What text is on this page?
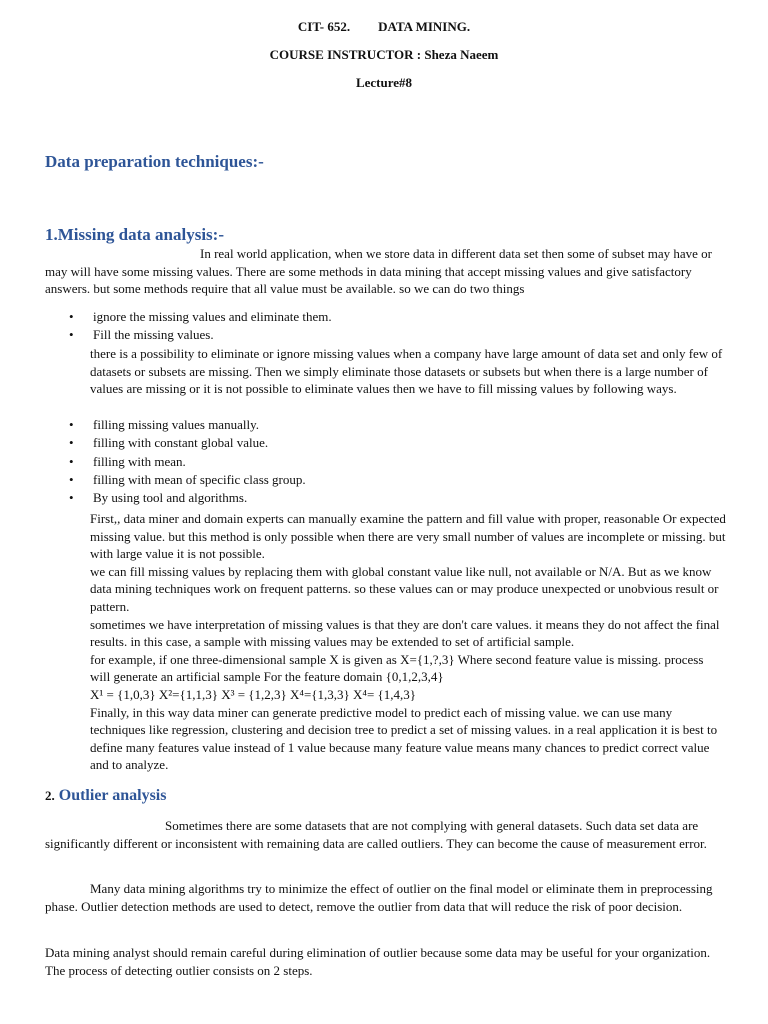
CIT- 652. DATA MINING.
COURSE INSTRUCTOR : Sheza Naeem
Lecture#8
Data preparation techniques:-
1.Missing data analysis:-

In real world application, when we store data in different data set then some of subset may have or may will have some missing values. There are some methods in data mining that accept missing values and give satisfactory answers. but some methods require that all value must be available. so we can do two things

• ignore the missing values and eliminate them.
• Fill the missing values.

there is a possibility to eliminate or ignore missing values when a company have large amount of data set and only few of datasets or subsets are missing. Then we simply eliminate those datasets or subsets but when there is a large number of values are missing or it is not possible to eliminate values then we have to fill missing values by following ways.

• filling missing values manually.
• filling with constant global value.
• filling with mean.
• filling with mean of specific class group.
• By using tool and algorithms.

First,, data miner and domain experts can manually examine the pattern and fill value with proper, reasonable Or expected missing value. but this method is only possible when there are very small number of values are incomplete or missing. but with large value it is not possible.

we can fill missing values by replacing them with global constant value like null, not available or N/A. But as we know data mining techniques work on frequent patterns. so these values can or may produce unexpected or unobvious result or pattern.

sometimes we have interpretation of missing values is that they are don't care values. it means they do not affect the final results. in this case, a sample with missing values may be extended to set of artificial sample.

for example, if one three-dimensional sample X is given as X={1,?,3} Where second feature value is missing. process will generate an artificial sample For the feature domain {0,1,2,3,4}

X¹ = {1,0,3} X²={1,1,3} X³ = {1,2,3} X⁴={1,3,3} X⁴= {1,4,3}

Finally, in this way data miner can generate predictive model to predict each of missing value. we can use many techniques like regression, clustering and decision tree to predict a set of missing values. in a real application it is best to define many features value instead of 1 value because many feature value means many chances to predict correct value and to analyze.

2. Outlier analysis

Sometimes there are some datasets that are not complying with general datasets. Such data set data are significantly different or inconsistent with remaining data are called outliers. They can become the cause of measurement error.

Many data mining algorithms try to minimize the effect of outlier on the final model or eliminate them in preprocessing phase. Outlier detection methods are used to detect, remove the outlier from data that will reduce the risk of poor decision.

Data mining analyst should remain careful during elimination of outlier because some data may be useful for your organization. The process of detecting outlier consists on 2 steps.
